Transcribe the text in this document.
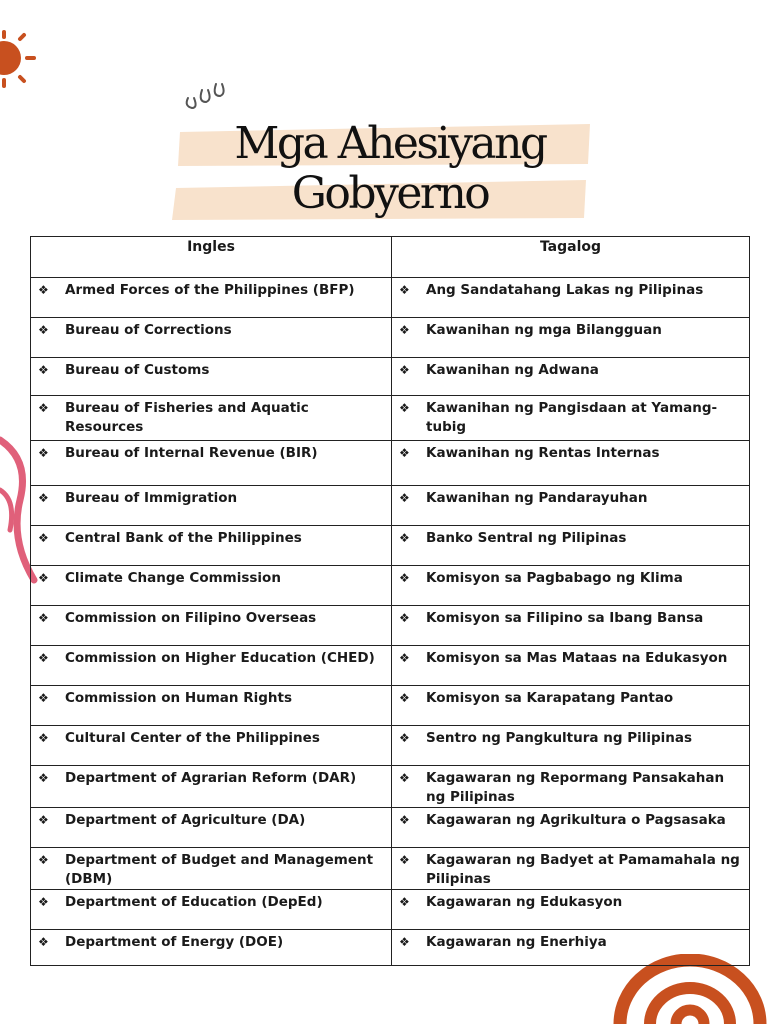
Mga Ahesiyang
Gobyerno
Ingles	Tagalog

❖ Armed Forces of the Philippines (BFP)	❖ Ang Sandatahang Lakas ng Pilipinas

❖ Bureau of Corrections	❖ Kawanihan ng mga Bilangguan

❖ Bureau of Customs	❖ Kawanihan ng Adwana

❖ Bureau of Fisheries and Aquatic Resources	❖ Kawanihan ng Pangisdaan at Yamang-tubig

❖ Bureau of Internal Revenue (BIR)	❖ Kawanihan ng Rentas Internas

❖ Bureau of Immigration	❖ Kawanihan ng Pandarayuhan

❖ Central Bank of the Philippines	❖ Banko Sentral ng Pilipinas

❖ Climate Change Commission	❖ Komisyon sa Pagbabago ng Klima

❖ Commission on Filipino Overseas	❖ Komisyon sa Filipino sa Ibang Bansa

❖ Commission on Higher Education (CHED)	❖ Komisyon sa Mas Mataas na Edukasyon

❖ Commission on Human Rights	❖ Komisyon sa Karapatang Pantao

❖ Cultural Center of the Philippines	❖ Sentro ng Pangkultura ng Pilipinas

❖ Department of Agrarian Reform (DAR)	❖ Kagawaran ng Repormang Pansakahan ng Pilipinas

❖ Department of Agriculture (DA)	❖ Kagawaran ng Agrikultura o Pagsasaka

❖ Department of Budget and Management (DBM)	❖ Kagawaran ng Badyet at Pamamahala ng Pilipinas

❖ Department of Education (DepEd)	❖ Kagawaran ng Edukasyon

❖ Department of Energy (DOE)	❖ Kagawaran ng Enerhiya
